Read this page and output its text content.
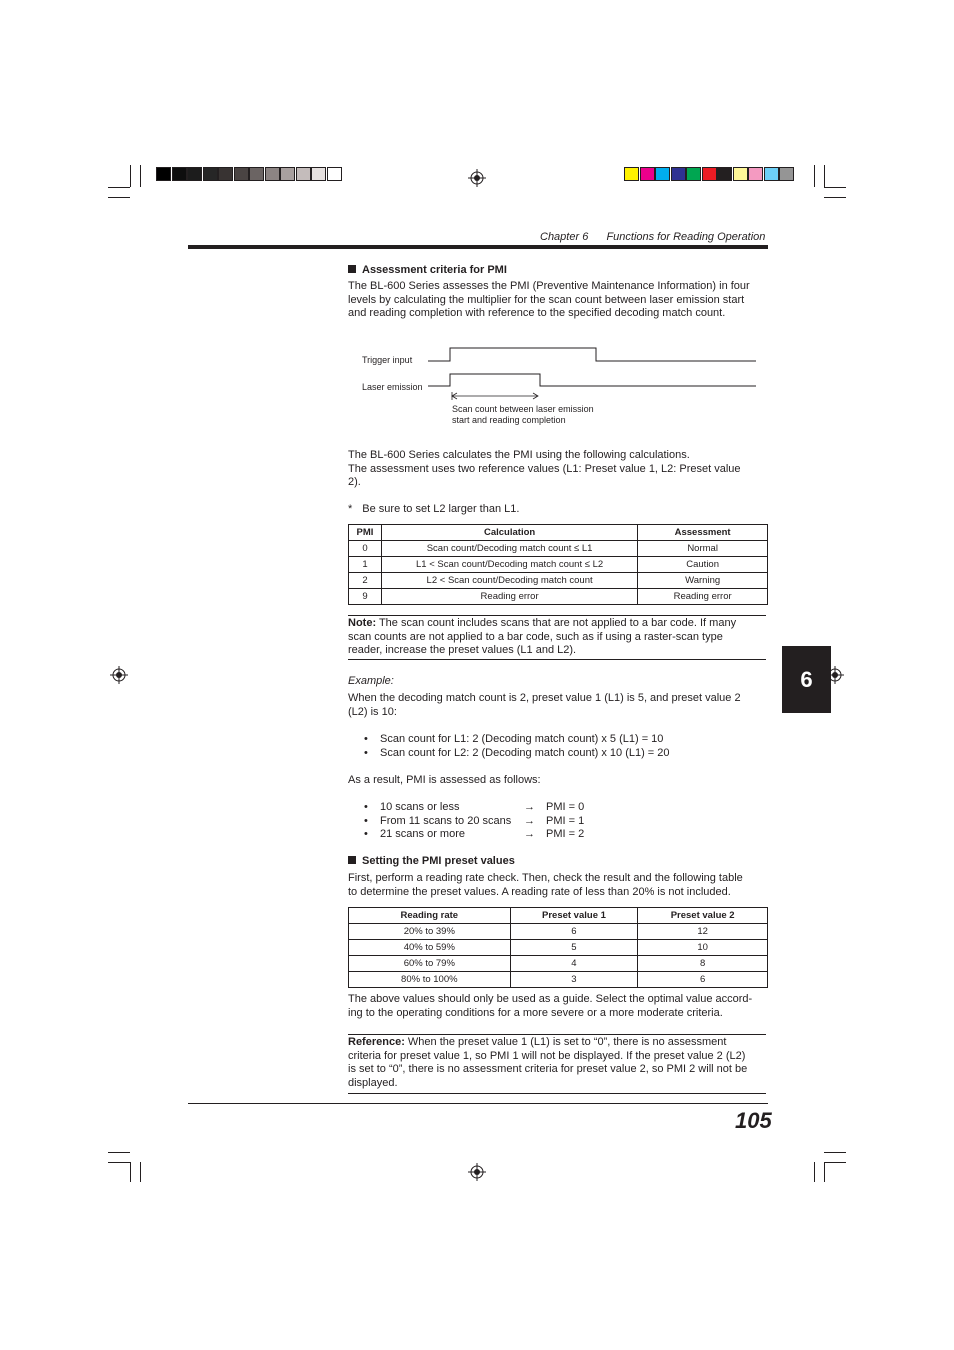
Chapter 6 Functions for Reading Operation
Assessment criteria for PMI
The BL-600 Series assesses the PMI (Preventive Maintenance Information) in four
levels by calculating the multiplier for the scan count between laser emission start
and reading completion with reference to the specified decoding match count.
Trigger input
Laser emission
Scan count between laser emission
start and reading completion
The BL-600 Series calculates the PMI using the following calculations.
The assessment uses two reference values (L1: Preset value 1, L2: Preset value
2).
* Be sure to set L2 larger than L1.
PMI	Calculation	Assessment
0	Scan count/Decoding match count ≤ L1	Normal
1	L1 < Scan count/Decoding match count ≤ L2	Caution
2	L2 < Scan count/Decoding match count	Warning
9	Reading error	Reading error
Note: The scan count includes scans that are not applied to a bar code. If many
scan counts are not applied to a bar code, such as if using a raster-scan type
reader, increase the preset values (L1 and L2).
Example:
When the decoding match count is 2, preset value 1 (L1) is 5, and preset value 2
(L2) is 10:
•	Scan count for L1: 2 (Decoding match count) x 5 (L1) = 10
•	Scan count for L2: 2 (Decoding match count) x 10 (L1) = 20
As a result, PMI is assessed as follows:
•	10 scans or less	→	PMI = 0
•	From 11 scans to 20 scans	→	PMI = 1
•	21 scans or more	→	PMI = 2
Setting the PMI preset values
First, perform a reading rate check. Then, check the result and the following table
to determine the preset values. A reading rate of less than 20% is not included.
Reading rate	Preset value 1	Preset value 2
20% to 39%	6	12
40% to 59%	5	10
60% to 79%	4	8
80% to 100%	3	6
The above values should only be used as a guide. Select the optimal value accord-
ing to the operating conditions for a more severe or a more moderate criteria.
Reference: When the preset value 1 (L1) is set to “0”, there is no assessment
criteria for preset value 1, so PMI 1 will not be displayed. If the preset value 2 (L2)
is set to “0”, there is no assessment criteria for preset value 2, so PMI 2 will not be
displayed.
6
105
